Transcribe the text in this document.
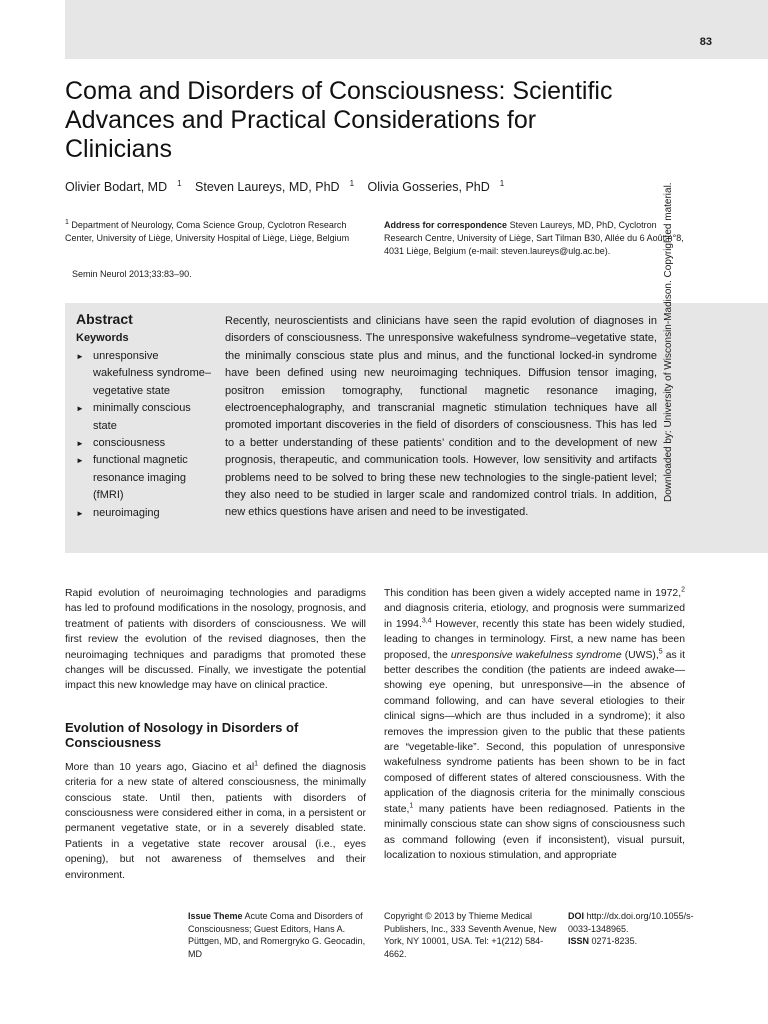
83
Coma and Disorders of Consciousness: Scientific Advances and Practical Considerations for Clinicians
Olivier Bodart, MD $^1$ Steven Laureys, MD, PhD $^1$ Olivia Gosseries, PhD $^1$
$^1$ Department of Neurology, Coma Science Group, Cyclotron Research Center, University of Liège, University Hospital of Liège, Liège, Belgium
Address for correspondence Steven Laureys, MD, PhD, Cyclotron Research Centre, University of Liège, Sart Tilman B30, Allée du 6 Août n°8, 4031 Liège, Belgium (e-mail: steven.laureys@ulg.ac.be).
Semin Neurol 2013;33:83–90.
Abstract
Keywords
► unresponsive wakefulness syndrome–vegetative state
► minimally conscious state
► consciousness
► functional magnetic resonance imaging (fMRI)
► neuroimaging

Recently, neuroscientists and clinicians have seen the rapid evolution of diagnoses in disorders of consciousness. The unresponsive wakefulness syndrome–vegetative state, the minimally conscious state plus and minus, and the functional locked-in syndrome have been defined using new neuroimaging techniques. Diffusion tensor imaging, positron emission tomography, functional magnetic resonance imaging, electroencephalography, and transcranial magnetic stimulation techniques have all promoted important discoveries in the field of disorders of consciousness. This has led to a better understanding of these patients’ condition and to the development of new prognosis, therapeutic, and communication tools. However, low sensitivity and artifacts problems need to be solved to bring these new technologies to the single-patient level; they also need to be studied in larger scale and randomized control trials. In addition, new ethics questions have arisen and need to be investigated.

Downloaded by: University of Wisconsin-Madison. Copyrighted material.

Rapid evolution of neuroimaging technologies and paradigms has led to profound modifications in the nosology, prognosis, and treatment of patients with disorders of consciousness. We will first review the evolution of the revised diagnoses, then the neuroimaging techniques and paradigms that promoted these changes will be discussed. Finally, we investigate the potential impact this new knowledge may have on clinical practice.

Evolution of Nosology in Disorders of Consciousness

More than 10 years ago, Giacino et $al^1$ defined the diagnosis criteria for a new state of altered consciousness, the minimally conscious state. Until then, patients with disorders of consciousness were considered either in coma, in a persistent or permanent vegetative state, or in a severely disabled state. Patients in a vegetative state recover arousal (i.e., eyes opening), but not awareness of themselves and their environment.

This condition has been given a widely accepted name in 1972,$^2$ and diagnosis criteria, etiology, and prognosis were summarized in 1994.$^{3,4}$ However, recently this state has been widely studied, leading to changes in terminology. First, a new name has been proposed, the unresponsive wakefulness syndrome (UWS),$^5$ as it better describes the condition (the patients are indeed awake—showing eye opening, but unresponsive—in the absence of command following, and can have several etiologies to their clinical signs—which are thus included in a syndrome); it also removes the impression given to the public that these patients are “vegetable-like”. Second, this population of unresponsive wakefulness syndrome patients has been shown to be in fact composed of different states of altered consciousness. With the application of the diagnosis criteria for the minimally conscious state,$^1$ many patients have been rediagnosed. Patients in the minimally conscious state can show signs of consciousness such as command following (even if inconsistent), visual pursuit, localization to noxious stimulation, and appropriate

Issue Theme Acute Coma and Disorders of Consciousness; Guest Editors, Hans A. Püttgen, MD, and Romergryko G. Geocadin, MD
Copyright © 2013 by Thieme Medical Publishers, Inc., 333 Seventh Avenue, New York, NY 10001, USA. Tel: +1(212) 584-4662.
DOI http://dx.doi.org/10.1055/s-0033-1348965.
ISSN 0271-8235.
